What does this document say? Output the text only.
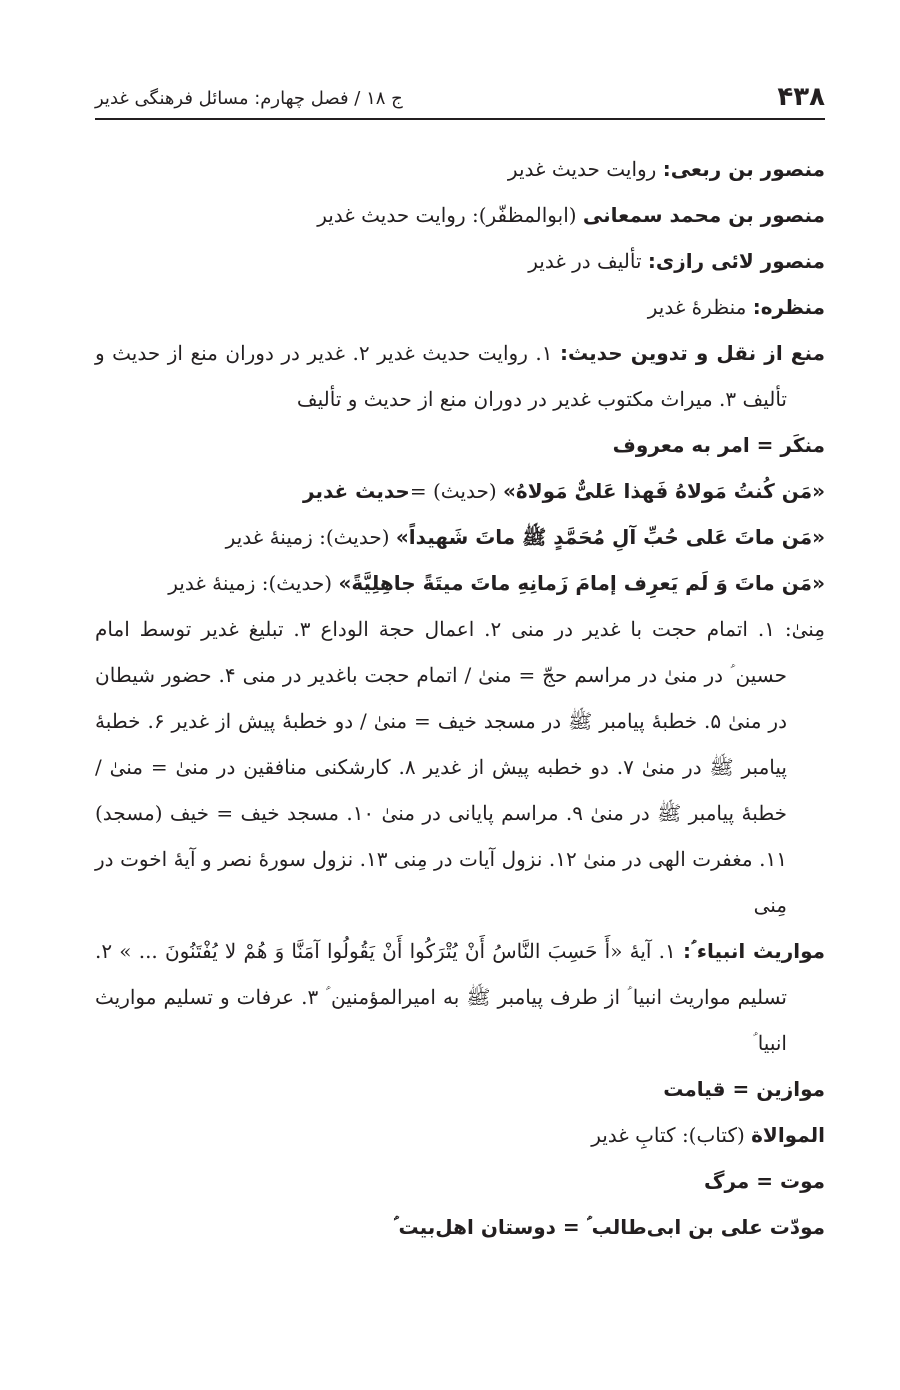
۴۳۸
ج ۱۸ / فصل چهارم: مسائل فرهنگی غدیر

منصور بن ربعی: روایت حدیث غدیر

منصور بن محمد سمعانی (ابوالمظفّر): روایت حدیث غدیر

منصور لائی رازی: تألیف در غدیر

منظره: منظرهٔ غدیر

منع از نقل و تدوین حدیث: ۱. روایت حدیث غدیر ۲. غدیر در دوران منع از حدیث و تألیف ۳. میراث مکتوب غدیر در دوران منع از حدیث و تألیف

منکَر = امر به معروف

«مَن کُنتُ مَولاهُ فَهذا عَلیٌّ مَولاهُ» (حدیث) =حدیث غدیر

«مَن ماتَ عَلی حُبِّ آلِ مُحَمَّدٍ ﷺ ماتَ شَهیداً» (حدیث): زمینهٔ غدیر

«مَن ماتَ وَ لَم یَعرِف إمامَ زَمانِهِ ماتَ میتَةً جاهِلِیَّةً» (حدیث): زمینهٔ غدیر

مِنیٰ: ۱. اتمام حجت با غدیر در منی ۲. اعمال حجة الوداع ۳. تبلیغ غدیر توسط امام حسین ؑ در منیٰ در مراسم حجّ = منیٰ / اتمام حجت باغدیر در منی ۴. حضور شیطان در منیٰ ۵. خطبهٔ پیامبر ﷺ در مسجد خیف = منیٰ / دو خطبهٔ پیش از غدیر ۶. خطبهٔ پیامبر ﷺ در منیٰ ۷. دو خطبه پیش از غدیر ۸. کارشکنی منافقین در منیٰ = منیٰ / خطبهٔ پیامبر ﷺ در منیٰ ۹. مراسم پایانی در منیٰ ۱۰. مسجد خیف = خیف (مسجد) ۱۱. مغفرت الهی در منیٰ ۱۲. نزول آیات در مِنی ۱۳. نزول سورهٔ نصر و آیهٔ اخوت در مِنی

مواریث انبیاء ؑ: ۱. آیهٔ «أَ حَسِبَ النَّاسُ أَنْ یُتْرَکُوا أَنْ یَقُولُوا آمَنَّا وَ هُمْ لا یُفْتَنُونَ ... » ۲. تسلیم مواریث انبیا ؑ از طرف پیامبر ﷺ به امیرالمؤمنین ؑ ۳. عرفات و تسلیم مواریث انبیا ؑ

موازین = قیامت

الموالاة (کتاب): کتابِ غدیر

موت = مرگ

مودّت علی بن ابی‌طالب ؑ = دوستان اهل‌بیت ؑ
